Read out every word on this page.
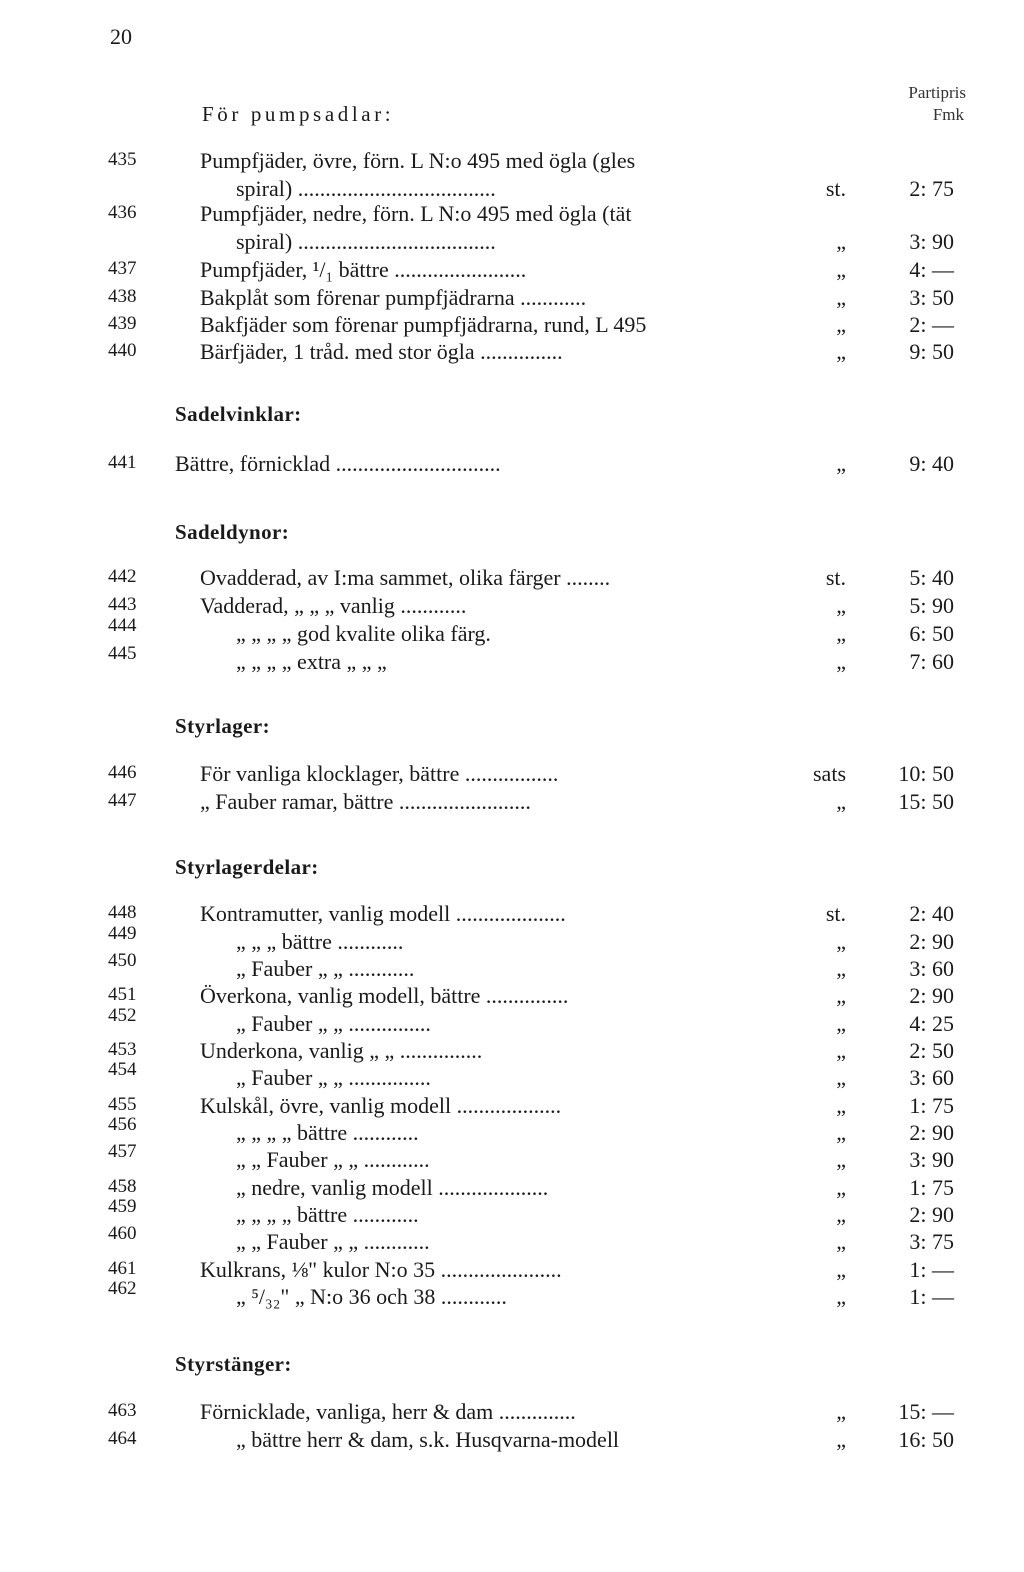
20
Partipris
Fmk
För pumpsadlar:
Sadelvinklar:
Sadeldynor:
Styrlager:
Styrlagerdelar:
Styrstänger:
435	Pumpfjäder, övre, förn. L N:o 495 med ögla (gles
spiral) ....................................	st.	2: 75
436	Pumpfjäder, nedre, förn. L N:o 495 med ögla (tät
spiral) ....................................	„	3: 90
437	Pumpfjäder, ¹/₁ bättre ........................	„	4: —
438	Bakplåt som förenar pumpfjädrarna ............	„	3: 50
439	Bakfjäder som förenar pumpfjädrarna, rund, L 495	„	2: —
440	Bärfjäder, 1 tråd. med stor ögla ...............	„	9: 50
441 Bättre, förnicklad ..............................	„	9: 40
442	Ovadderad, av I:ma sammet, olika färger ........	st.	5: 40
443	Vadderad, „ „ „ vanlig ............	„	5: 90
444	„ „ „ „ god kvalite olika färg.	„	6: 50
445	„ „ „ „ extra „ „ „	„	7: 60
446	För vanliga klocklager, bättre .................	sats 10: 50
447	„ Fauber ramar, bättre ........................	„ 15: 50
448	Kontramutter, vanlig modell ....................	st.	2: 40
449	„ „ „ bättre ............	„	2: 90
450	„ Fauber „ „ ............	„	3: 60
451	Överkona, vanlig modell, bättre ...............	„	2: 90
452	„ Fauber „ „ ...............	„	4: 25
453	Underkona, vanlig „ „ ...............	„	2: 50
454	„ Fauber „ „ ...............	„	3: 60
455	Kulskål, övre, vanlig modell ...................	„	1: 75
456	„ „ „ „ bättre ............	„	2: 90
457	„ „ Fauber „ „ ............	„	3: 90
458	„ nedre, vanlig modell ....................	„	1: 75
459	„ „ „ „ bättre ............	„	2: 90
460	„ „ Fauber „ „ ............	„	3: 75
461	Kulkrans, ⅛" kulor N:o 35 ......................	„	1: —
462	„ ⁵/₃₂" „ N:o 36 och 38 ............	„	1: —
463	Förnicklade, vanliga, herr & dam ..............	„ 15: —
464	„ bättre herr & dam, s.k. Husqvarna-modell	„ 16: 50
